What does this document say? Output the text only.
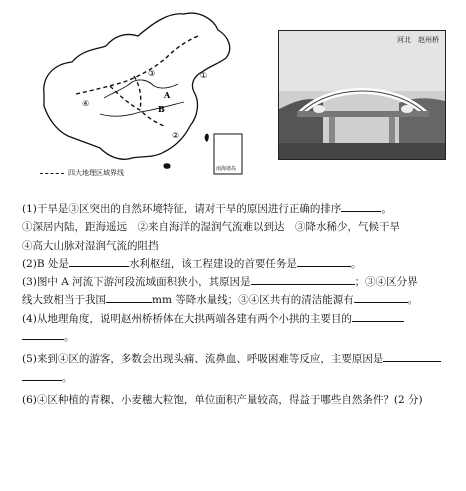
③	①
④
②
A
B
南海诸岛
四大地理区域界线
河北　赵州桥

(1)干旱是③区突出的自然环境特征，请对干旱的原因进行正确的排序	。

①深居内陆，距海遥远　②来自海洋的湿润气流难以到达　③降水稀少，气候干旱

④高大山脉对湿润气流的阻挡

(2)B 处是	水利枢纽，该工程建设的首要任务是	。

(3)图中 A 河流下游河段流域面积狭小，其原因是	；③④区分界

线大致相当于我国	mm 等降水量线；③④区共有的清洁能源有	。

(4)从地理角度，说明赵州桥桥体在大拱两端各建有两个小拱的主要目的

。

(5)来到④区的游客，多数会出现头痛、流鼻血、呼吸困难等反应，主要原因是

。

(6)④区种植的青稞、小麦穗大粒饱，单位面积产量较高，得益于哪些自然条件？(2 分)
